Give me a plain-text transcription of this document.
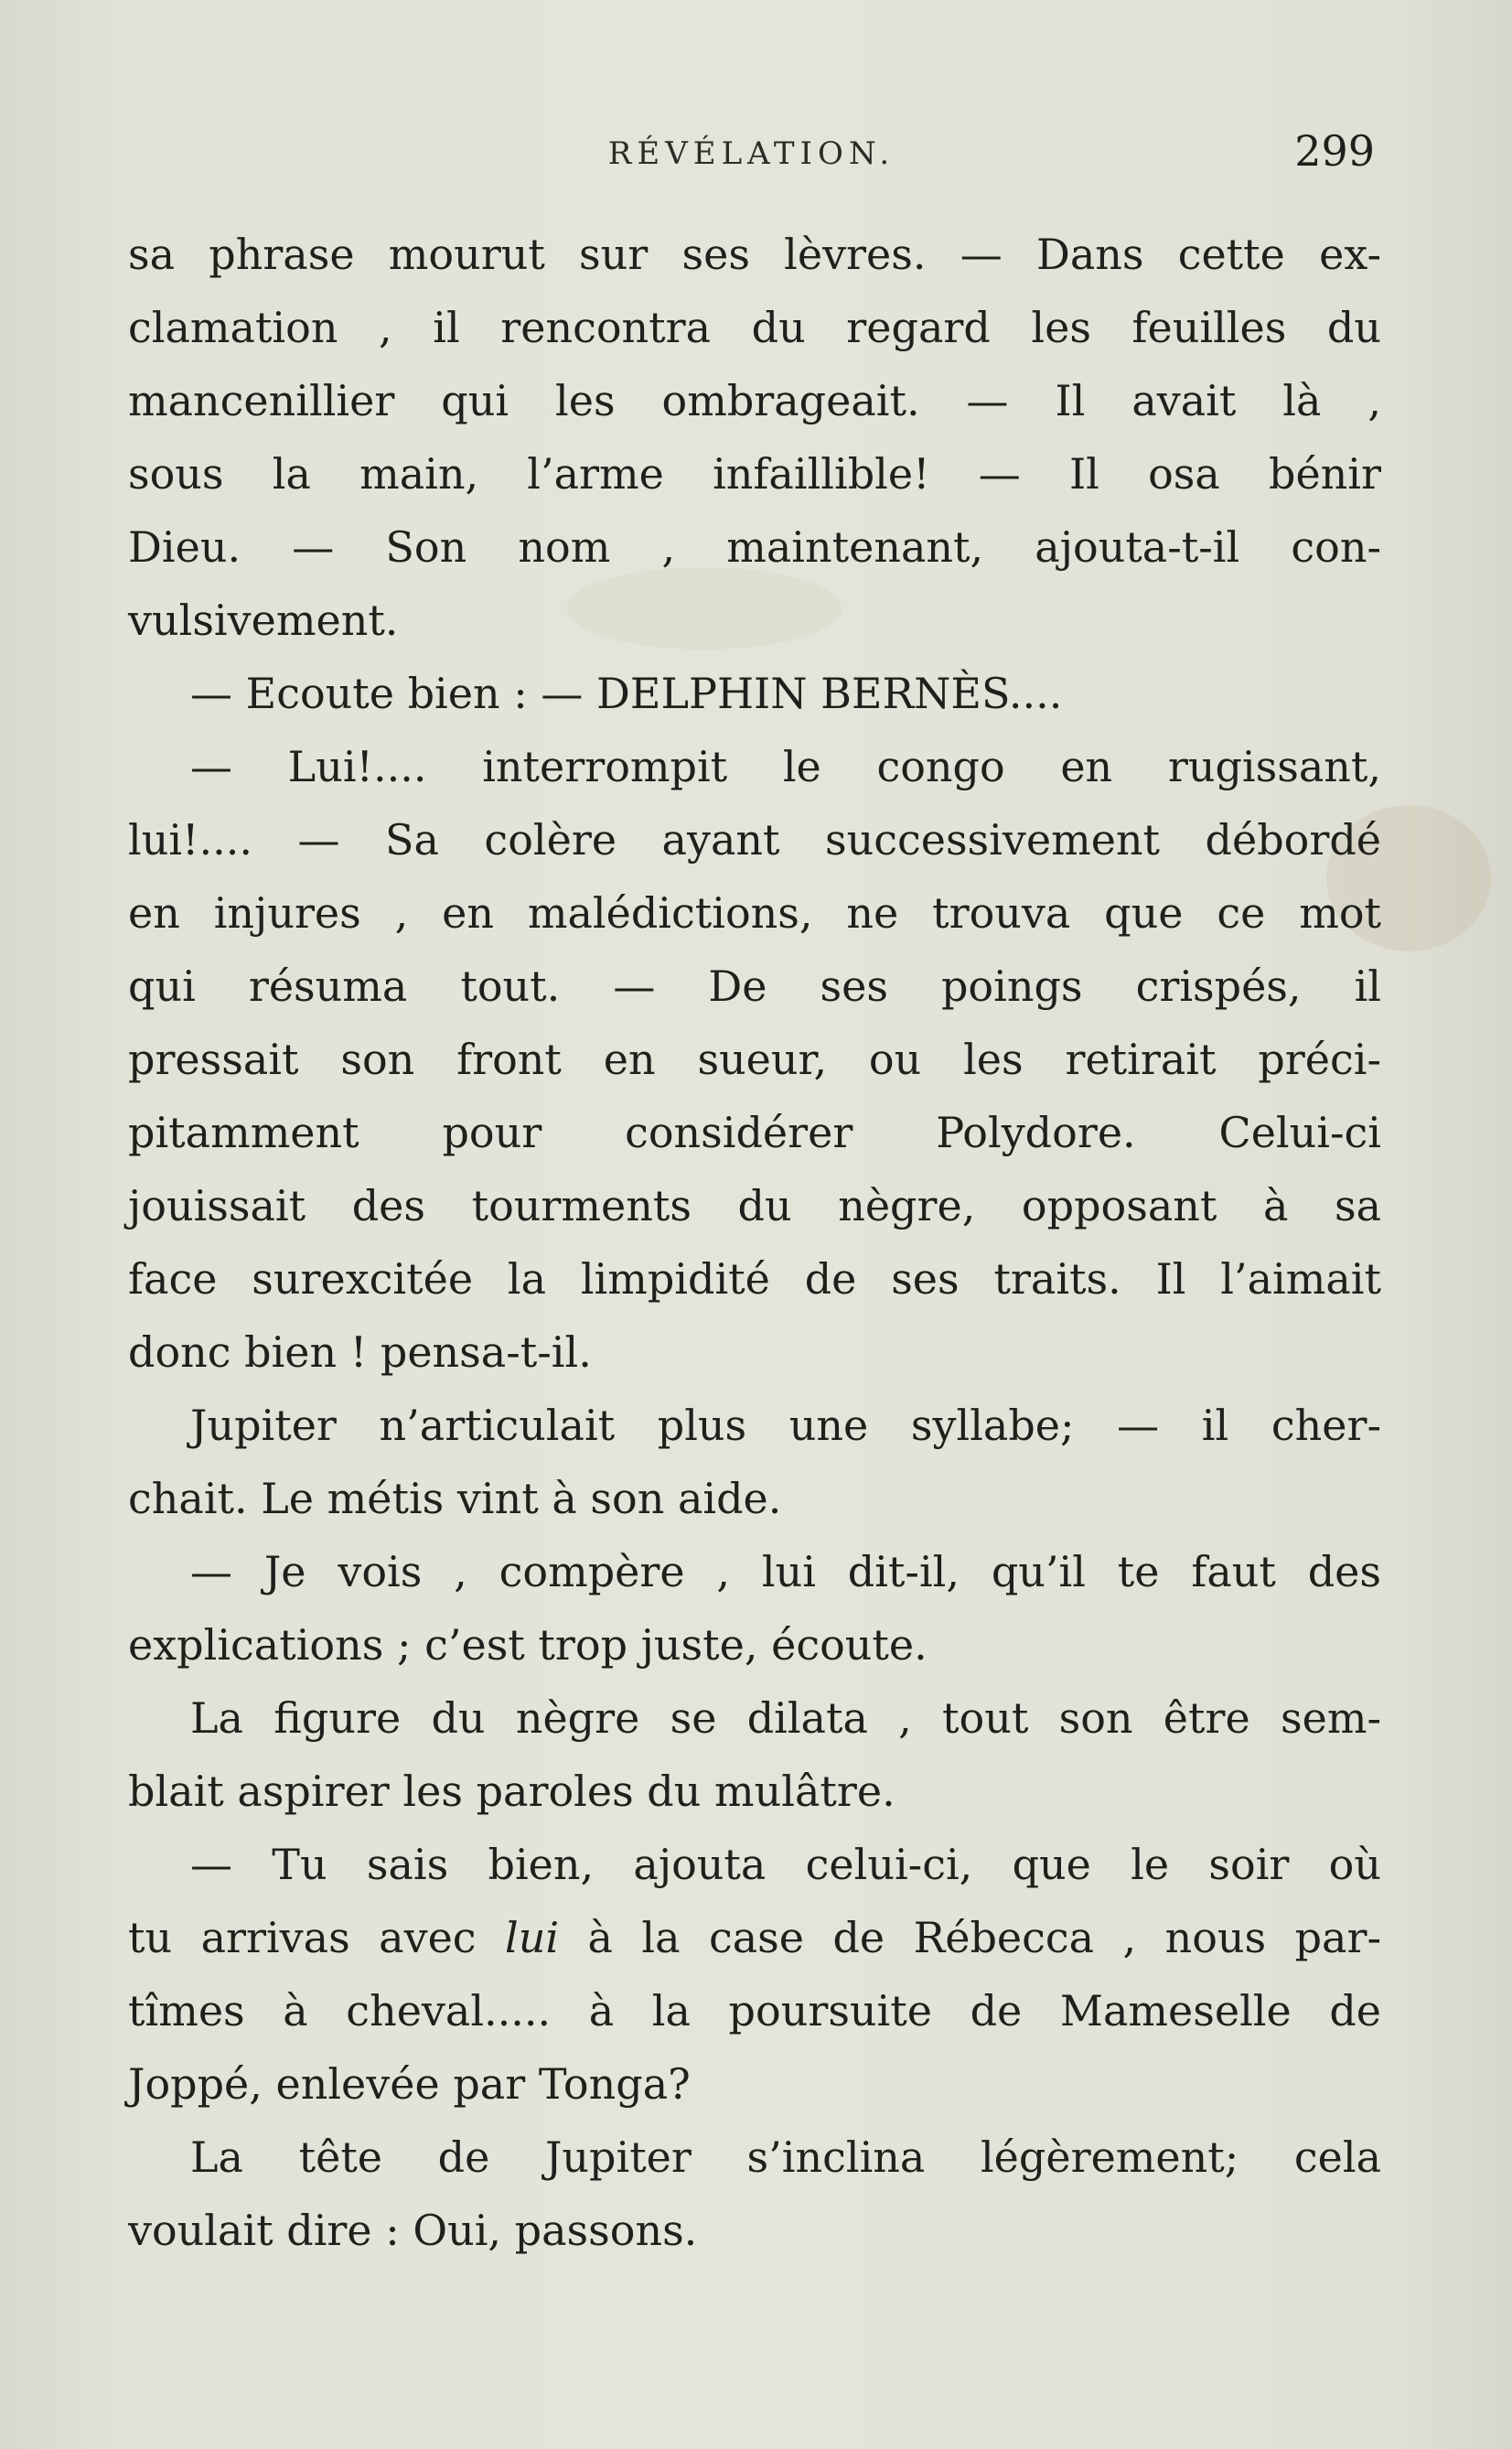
RÉVÉLATION.	299
sa phrase mourut sur ses lèvres. — Dans cette ex-
clamation , il rencontra du regard les feuilles du
mancenillier qui les ombrageait. — Il avait là ,
sous la main, l’arme infaillible! — Il osa bénir
Dieu. — Son nom , maintenant, ajouta-t-il con-
vulsivement.
— Ecoute bien : — DELPHIN BERNÈS....
— Lui!.... interrompit le congo en rugissant,
lui!.... — Sa colère ayant successivement débordé
en injures , en malédictions, ne trouva que ce mot
qui résuma tout. — De ses poings crispés, il
pressait son front en sueur, ou les retirait préci-
pitamment pour considérer Polydore. Celui-ci
jouissait des tourments du nègre, opposant à sa
face surexcitée la limpidité de ses traits. Il l’aimait
donc bien ! pensa-t-il.
Jupiter n’articulait plus une syllabe; — il cher-
chait. Le métis vint à son aide.
— Je vois , compère , lui dit-il, qu’il te faut des
explications ; c’est trop juste, écoute.
La figure du nègre se dilata , tout son être sem-
blait aspirer les paroles du mulâtre.
— Tu sais bien, ajouta celui-ci, que le soir où
tu arrivas avec lui à la case de Rébecca , nous par-
tîmes à cheval..... à la poursuite de Mameselle de
Joppé, enlevée par Tonga?
La tête de Jupiter s’inclina légèrement; cela
voulait dire : Oui, passons.
